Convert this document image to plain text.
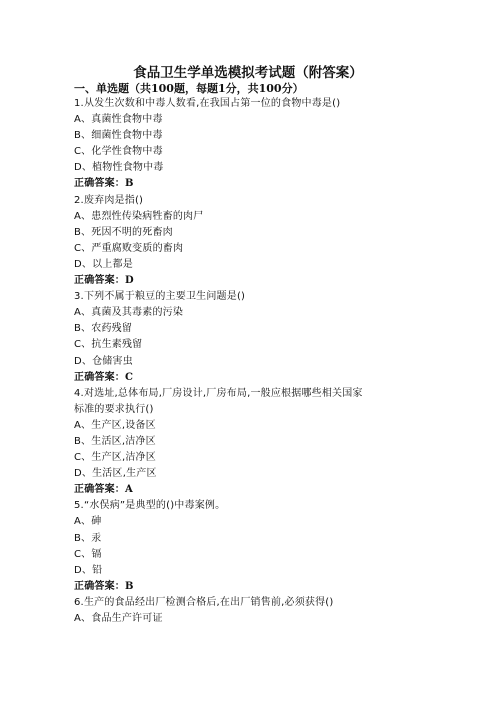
食品卫生学单选模拟考试题（附答案）
一、单选题（共100题，每题1分，共100分）
1.从发生次数和中毒人数看,在我国占第一位的食物中毒是()
A、真菌性食物中毒
B、细菌性食物中毒
C、化学性食物中毒
D、植物性食物中毒
正确答案：B
2.废弃肉是指()
A、患烈性传染病牲畜的肉尸
B、死因不明的死畜肉
C、严重腐败变质的畜肉
D、以上都是
正确答案：D
3.下列不属于粮豆的主要卫生问题是()
A、真菌及其毒素的污染
B、农药残留
C、抗生素残留
D、仓储害虫
正确答案：C
4.对选址,总体布局,厂房设计,厂房布局,一般应根据哪些相关国家
标准的要求执行()
A、生产区,设备区
B、生活区,洁净区
C、生产区,洁净区
D、生活区,生产区
正确答案：A
5.“水俣病”是典型的()中毒案例。
A、砷
B、汞
C、镉
D、铅
正确答案：B
6.生产的食品经出厂检测合格后,在出厂销售前,必须获得()
A、食品生产许可证
